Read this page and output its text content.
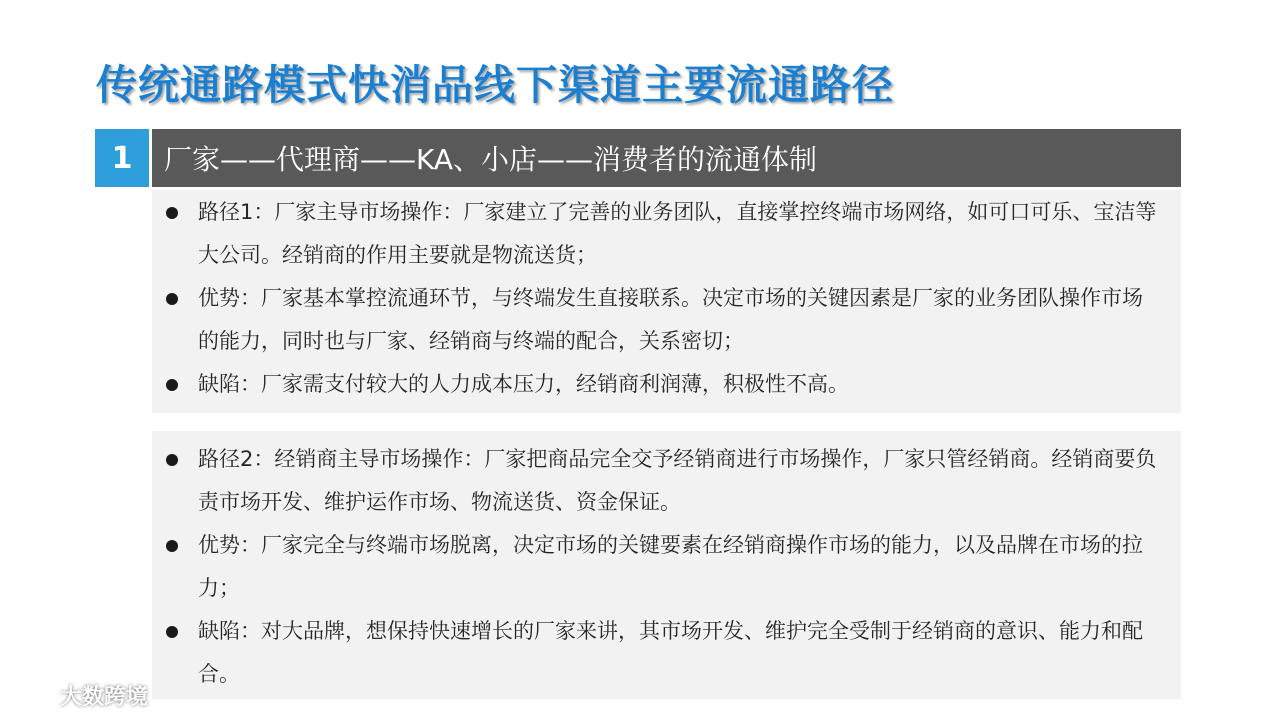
传统通路模式快消品线下渠道主要流通路径
1	厂家——代理商——KA、小店——消费者的流通体制
路径1：厂家主导市场操作：厂家建立了完善的业务团队，直接掌控终端市场网络，如可口可乐、宝洁等大公司。经销商的作用主要就是物流送货；
优势：厂家基本掌控流通环节，与终端发生直接联系。决定市场的关键因素是厂家的业务团队操作市场的能力，同时也与厂家、经销商与终端的配合，关系密切；
缺陷：厂家需支付较大的人力成本压力，经销商利润薄，积极性不高。
路径2：经销商主导市场操作：厂家把商品完全交予经销商进行市场操作，厂家只管经销商。经销商要负责市场开发、维护运作市场、物流送货、资金保证。
优势：厂家完全与终端市场脱离，决定市场的关键要素在经销商操作市场的能力，以及品牌在市场的拉力；
缺陷：对大品牌，想保持快速增长的厂家来讲，其市场开发、维护完全受制于经销商的意识、能力和配合。
大数跨境
